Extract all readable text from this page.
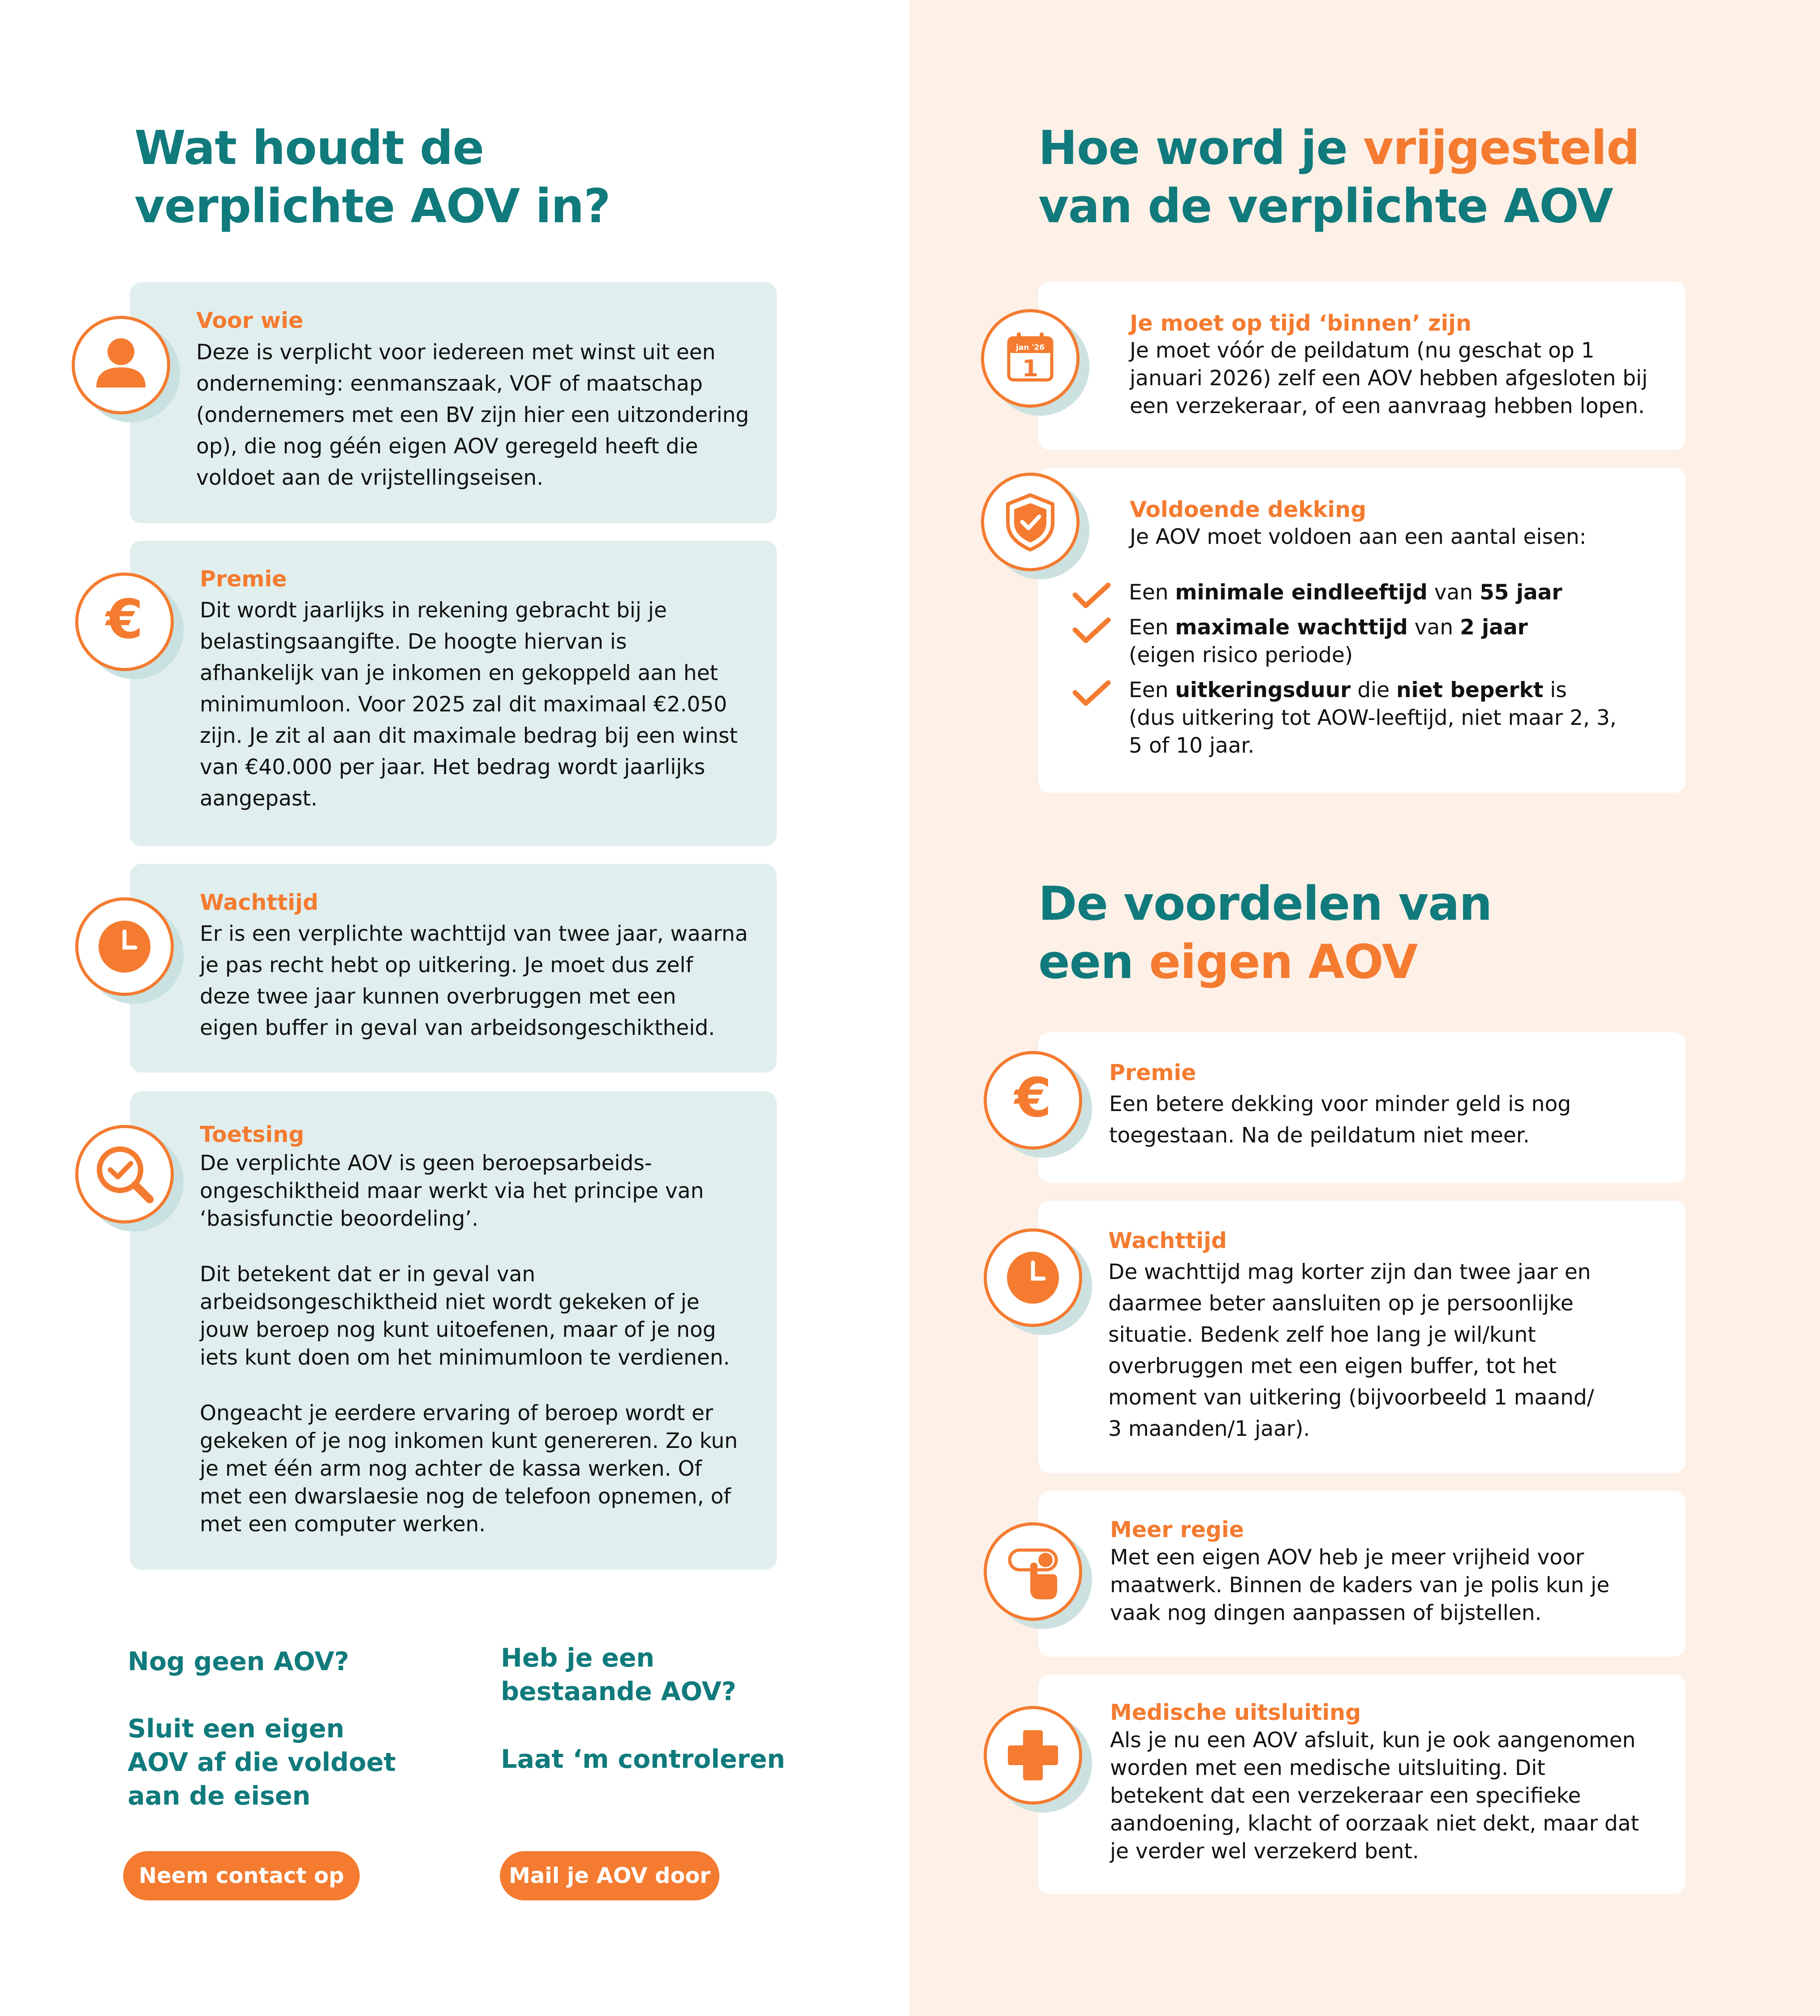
Wat houdt de
verplichte AOV in?
Voor wie
Deze is verplicht voor iedereen met winst uit een
onderneming: eenmanszaak, VOF of maatschap
(ondernemers met een BV zijn hier een uitzondering
op), die nog géén eigen AOV geregeld heeft die
voldoet aan de vrijstellingseisen.
€
Premie
Dit wordt jaarlijks in rekening gebracht bij je
belastingsaangifte. De hoogte hiervan is
afhankelijk van je inkomen en gekoppeld aan het
minimumloon. Voor 2025 zal dit maximaal €2.050
zijn. Je zit al aan dit maximale bedrag bij een winst
van €40.000 per jaar. Het bedrag wordt jaarlijks
aangepast.
Wachttijd
Er is een verplichte wachttijd van twee jaar, waarna
je pas recht hebt op uitkering. Je moet dus zelf
deze twee jaar kunnen overbruggen met een
eigen buffer in geval van arbeidsongeschiktheid.
Toetsing
De verplichte AOV is geen beroepsarbeids-
ongeschiktheid maar werkt via het principe van
‘basisfunctie beoordeling’.
Dit betekent dat er in geval van
arbeidsongeschiktheid niet wordt gekeken of je
jouw beroep nog kunt uitoefenen, maar of je nog
iets kunt doen om het minimumloon te verdienen.
Ongeacht je eerdere ervaring of beroep wordt er
gekeken of je nog inkomen kunt genereren. Zo kun
je met één arm nog achter de kassa werken. Of
met een dwarslaesie nog de telefoon opnemen, of
met een computer werken.
Nog geen AOV?
Sluit een eigen
AOV af die voldoet
aan de eisen
Neem contact op
Heb je een
bestaande AOV?
Laat ‘m controleren
Mail je AOV door
Hoe word je vrijgesteld
van de verplichte AOV
jan '26
1
Je moet op tijd ‘binnen’ zijn
Je moet vóór de peildatum (nu geschat op 1
januari 2026) zelf een AOV hebben afgesloten bij
een verzekeraar, of een aanvraag hebben lopen.
Voldoende dekking
Je AOV moet voldoen aan een aantal eisen:
Een minimale eindleeftijd van 55 jaar
Een maximale wachttijd van 2 jaar
(eigen risico periode)
Een uitkeringsduur die niet beperkt is
(dus uitkering tot AOW-leeftijd, niet maar 2, 3,
5 of 10 jaar.
De voordelen van
een eigen AOV
€	Premie
Een betere dekking voor minder geld is nog
toegestaan. Na de peildatum niet meer.
Wachttijd
De wachttijd mag korter zijn dan twee jaar en
daarmee beter aansluiten op je persoonlijke
situatie. Bedenk zelf hoe lang je wil/kunt
overbruggen met een eigen buffer, tot het
moment van uitkering (bijvoorbeeld 1 maand/
3 maanden/1 jaar).
Meer regie
Met een eigen AOV heb je meer vrijheid voor
maatwerk. Binnen de kaders van je polis kun je
vaak nog dingen aanpassen of bijstellen.
Medische uitsluiting
Als je nu een AOV afsluit, kun je ook aangenomen
worden met een medische uitsluiting. Dit
betekent dat een verzekeraar een specifieke
aandoening, klacht of oorzaak niet dekt, maar dat
je verder wel verzekerd bent.
